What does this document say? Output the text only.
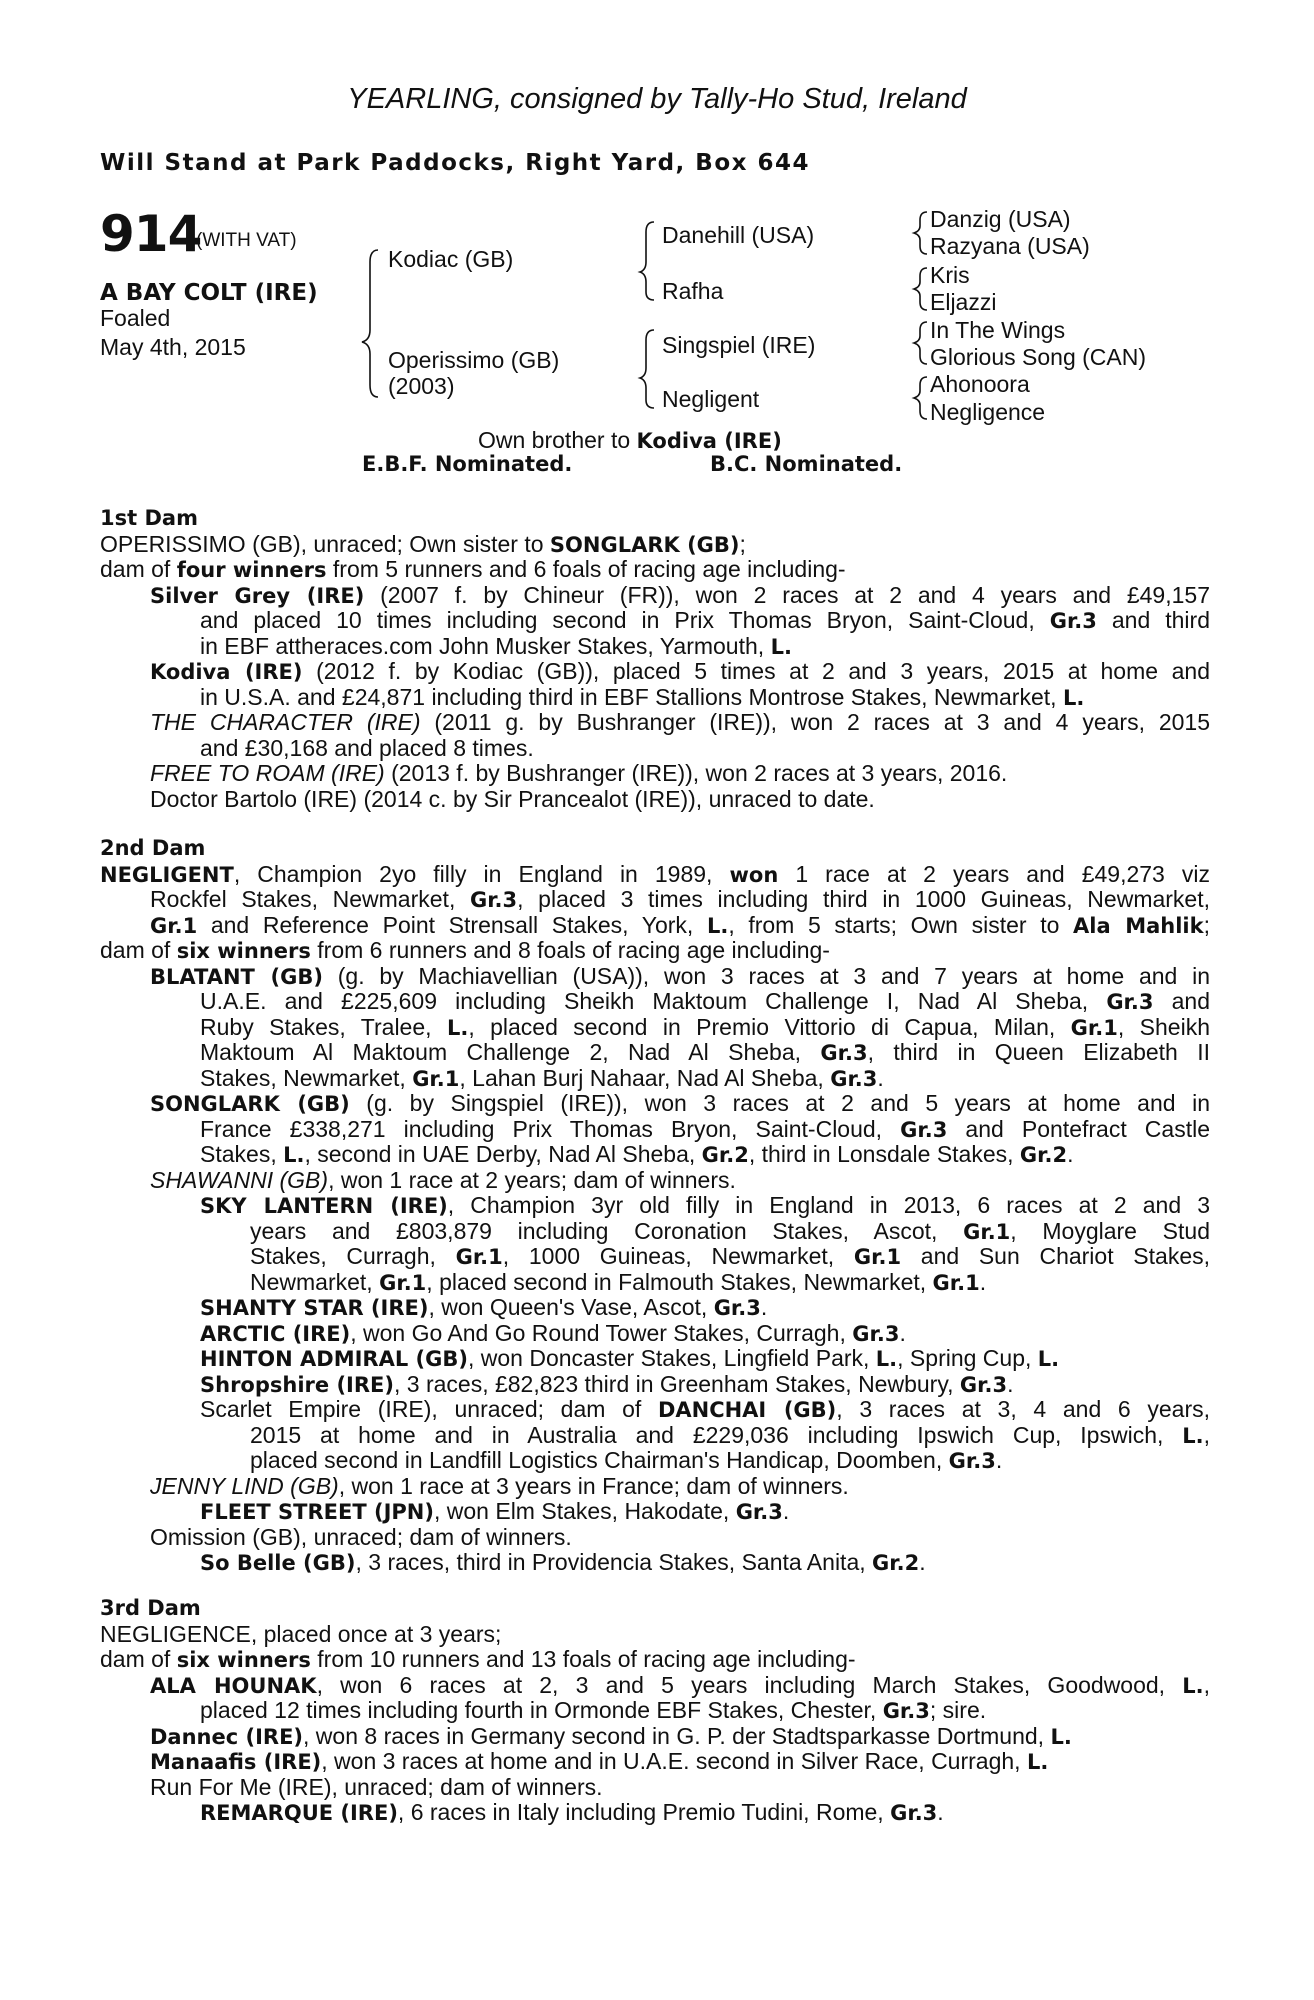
YEARLING, consigned by Tally-Ho Stud, Ireland
Will Stand at Park Paddocks, Right Yard, Box 644
914
(WITH VAT)
A BAY COLT (IRE)
Foaled
May 4th, 2015
Kodiac (GB)
Operissimo (GB)
(2003)
Danehill (USA)
Rafha
Singspiel (IRE)
Negligent
Danzig (USA)
Razyana (USA)
Kris
Eljazzi
In The Wings
Glorious Song (CAN)
Ahonoora
Negligence
Own brother to Kodiva (IRE)
E.B.F. Nominated.	B.C. Nominated.
1st Dam
OPERISSIMO (GB), unraced; Own sister to SONGLARK (GB);
dam of four winners from 5 runners and 6 foals of racing age including-
Silver Grey (IRE) (2007 f. by Chineur (FR)), won 2 races at 2 and 4 years and £49,157
and placed 10 times including second in Prix Thomas Bryon, Saint-Cloud, Gr.3 and third
in EBF attheraces.com John Musker Stakes, Yarmouth, L.
Kodiva (IRE) (2012 f. by Kodiac (GB)), placed 5 times at 2 and 3 years, 2015 at home and
in U.S.A. and £24,871 including third in EBF Stallions Montrose Stakes, Newmarket, L.
THE CHARACTER (IRE) (2011 g. by Bushranger (IRE)), won 2 races at 3 and 4 years, 2015
and £30,168 and placed 8 times.
FREE TO ROAM (IRE) (2013 f. by Bushranger (IRE)), won 2 races at 3 years, 2016.
Doctor Bartolo (IRE) (2014 c. by Sir Prancealot (IRE)), unraced to date.
2nd Dam
NEGLIGENT, Champion 2yo filly in England in 1989, won 1 race at 2 years and £49,273 viz
Rockfel Stakes, Newmarket, Gr.3, placed 3 times including third in 1000 Guineas, Newmarket,
Gr.1 and Reference Point Strensall Stakes, York, L., from 5 starts; Own sister to Ala Mahlik;
dam of six winners from 6 runners and 8 foals of racing age including-
BLATANT (GB) (g. by Machiavellian (USA)), won 3 races at 3 and 7 years at home and in
U.A.E. and £225,609 including Sheikh Maktoum Challenge I, Nad Al Sheba, Gr.3 and
Ruby Stakes, Tralee, L., placed second in Premio Vittorio di Capua, Milan, Gr.1, Sheikh
Maktoum Al Maktoum Challenge 2, Nad Al Sheba, Gr.3, third in Queen Elizabeth II
Stakes, Newmarket, Gr.1, Lahan Burj Nahaar, Nad Al Sheba, Gr.3.
SONGLARK (GB) (g. by Singspiel (IRE)), won 3 races at 2 and 5 years at home and in
France £338,271 including Prix Thomas Bryon, Saint-Cloud, Gr.3 and Pontefract Castle
Stakes, L., second in UAE Derby, Nad Al Sheba, Gr.2, third in Lonsdale Stakes, Gr.2.
SHAWANNI (GB), won 1 race at 2 years; dam of winners.
SKY LANTERN (IRE), Champion 3yr old filly in England in 2013, 6 races at 2 and 3
years and £803,879 including Coronation Stakes, Ascot, Gr.1, Moyglare Stud
Stakes, Curragh, Gr.1, 1000 Guineas, Newmarket, Gr.1 and Sun Chariot Stakes,
Newmarket, Gr.1, placed second in Falmouth Stakes, Newmarket, Gr.1.
SHANTY STAR (IRE), won Queen's Vase, Ascot, Gr.3.
ARCTIC (IRE), won Go And Go Round Tower Stakes, Curragh, Gr.3.
HINTON ADMIRAL (GB), won Doncaster Stakes, Lingfield Park, L., Spring Cup, L.
Shropshire (IRE), 3 races, £82,823 third in Greenham Stakes, Newbury, Gr.3.
Scarlet Empire (IRE), unraced; dam of DANCHAI (GB), 3 races at 3, 4 and 6 years,
2015 at home and in Australia and £229,036 including Ipswich Cup, Ipswich, L.,
placed second in Landfill Logistics Chairman's Handicap, Doomben, Gr.3.
JENNY LIND (GB), won 1 race at 3 years in France; dam of winners.
FLEET STREET (JPN), won Elm Stakes, Hakodate, Gr.3.
Omission (GB), unraced; dam of winners.
So Belle (GB), 3 races, third in Providencia Stakes, Santa Anita, Gr.2.
3rd Dam
NEGLIGENCE, placed once at 3 years;
dam of six winners from 10 runners and 13 foals of racing age including-
ALA HOUNAK, won 6 races at 2, 3 and 5 years including March Stakes, Goodwood, L.,
placed 12 times including fourth in Ormonde EBF Stakes, Chester, Gr.3; sire.
Dannec (IRE), won 8 races in Germany second in G. P. der Stadtsparkasse Dortmund, L.
Manaafis (IRE), won 3 races at home and in U.A.E. second in Silver Race, Curragh, L.
Run For Me (IRE), unraced; dam of winners.
REMARQUE (IRE), 6 races in Italy including Premio Tudini, Rome, Gr.3.
